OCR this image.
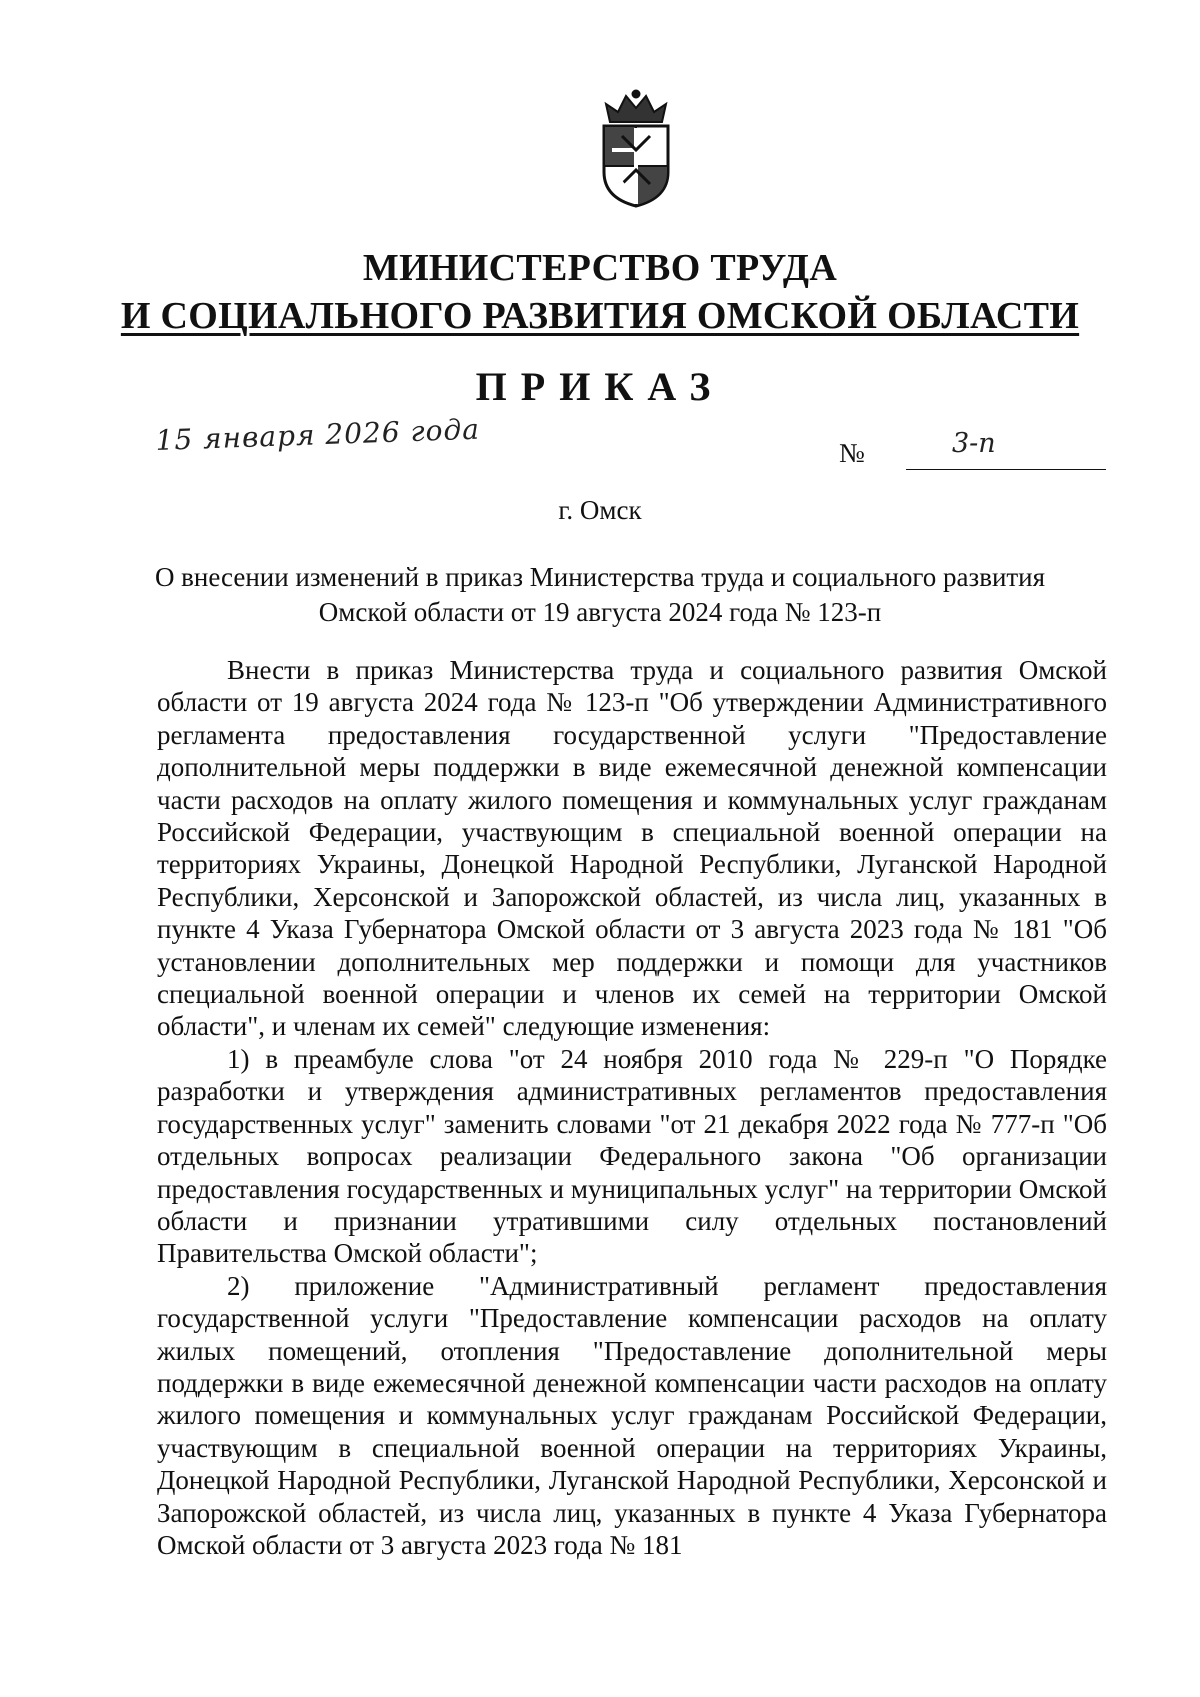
МИНИСТЕРСТВО ТРУДА
И СОЦИАЛЬНОГО РАЗВИТИЯ ОМСКОЙ ОБЛАСТИ
ПРИКАЗ
15 января 2026 года	№	3-п
г. Омск
О внесении изменений в приказ Министерства труда и социального развития
Омской области от 19 августа 2024 года № 123-п

Внести в приказ Министерства труда и социального развития Омской области от 19 августа 2024 года № 123-п "Об утверждении Административного регламента предоставления государственной услуги "Предоставление дополнительной меры поддержки в виде ежемесячной денежной компенсации части расходов на оплату жилого помещения и коммунальных услуг гражданам Российской Федерации, участвующим в специальной военной операции на территориях Украины, Донецкой Народной Республики, Луганской Народной Республики, Херсонской и Запорожской областей, из числа лиц, указанных в пункте 4 Указа Губернатора Омской области от 3 августа 2023 года № 181 "Об установлении дополнительных мер поддержки и помощи для участников специальной военной операции и членов их семей на территории Омской области", и членам их семей" следующие изменения:

1) в преамбуле слова "от 24 ноября 2010 года № 229-п "О Порядке разработки и утверждения административных регламентов предоставления государственных услуг" заменить словами "от 21 декабря 2022 года № 777-п "Об отдельных вопросах реализации Федерального закона "Об организации предоставления государственных и муниципальных услуг" на территории Омской области и признании утратившими силу отдельных постановлений Правительства Омской области";

2) приложение "Административный регламент предоставления государственной услуги "Предоставление компенсации расходов на оплату жилых помещений, отопления "Предоставление дополнительной меры поддержки в виде ежемесячной денежной компенсации части расходов на оплату жилого помещения и коммунальных услуг гражданам Российской Федерации, участвующим в специальной военной операции на территориях Украины, Донецкой Народной Республики, Луганской Народной Республики, Херсонской и Запорожской областей, из числа лиц, указанных в пункте 4 Указа Губернатора Омской области от 3 августа 2023 года № 181
